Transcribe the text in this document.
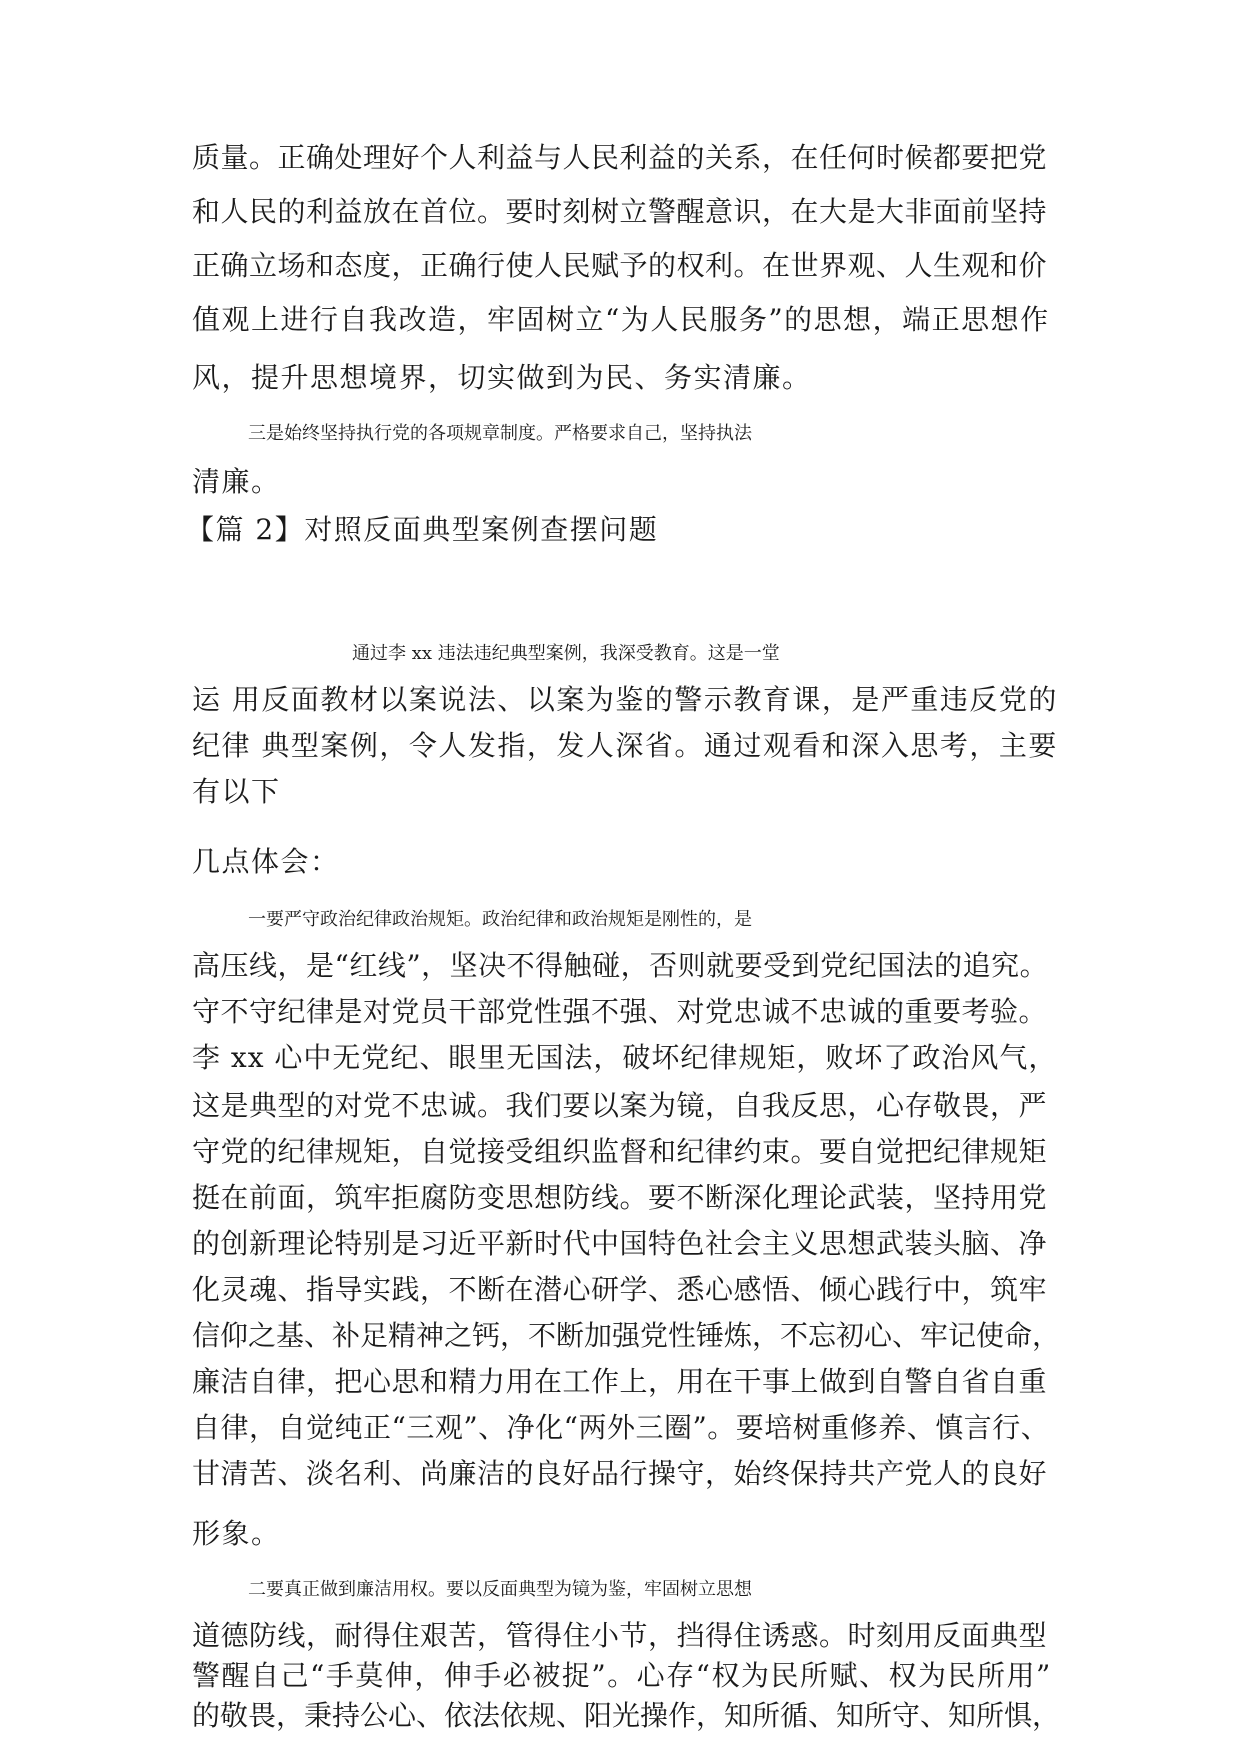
质量。正确处理好个人利益与人民利益的关系，在任何时候都要把党
和人民的利益放在首位。要时刻树立警醒意识，在大是大非面前坚持
正确立场和态度，正确行使人民赋予的权利。在世界观、人生观和价
值观上进行自我改造，牢固树立“为人民服务”的思想，端正思想作
风，提升思想境界，切实做到为民、务实清廉。
三是始终坚持执行党的各项规章制度。严格要求自己，坚持执法
清廉。
【篇 2】对照反面典型案例查摆问题
通过李 xx 违法违纪典型案例，我深受教育。这是一堂
运 用反面教材以案说法、以案为鉴的警示教育课，是严重违反党的
纪律 典型案例，令人发指，发人深省。通过观看和深入思考，主要
有以下
几点体会：
一要严守政治纪律政治规矩。政治纪律和政治规矩是刚性的，是
高压线，是“红线”，坚决不得触碰，否则就要受到党纪国法的追究。
守不守纪律是对党员干部党性强不强、对党忠诚不忠诚的重要考验。
李 xx 心中无党纪、眼里无国法，破坏纪律规矩，败坏了政治风气，
这是典型的对党不忠诚。我们要以案为镜，自我反思，心存敬畏，严
守党的纪律规矩，自觉接受组织监督和纪律约束。要自觉把纪律规矩
挺在前面，筑牢拒腐防变思想防线。要不断深化理论武装，坚持用党
的创新理论特别是习近平新时代中国特色社会主义思想武装头脑、净
化灵魂、指导实践，不断在潜心研学、悉心感悟、倾心践行中，筑牢
信仰之基、补足精神之钙，不断加强党性锤炼，不忘初心、牢记使命，
廉洁自律，把心思和精力用在工作上，用在干事上做到自警自省自重
自律，自觉纯正“三观”、净化“两外三圈”。要培树重修养、慎言行、
甘清苦、淡名利、尚廉洁的良好品行操守，始终保持共产党人的良好
形象。
二要真正做到廉洁用权。要以反面典型为镜为鉴，牢固树立思想
道德防线，耐得住艰苦，管得住小节，挡得住诱惑。时刻用反面典型
警醒自己“手莫伸，伸手必被捉”。心存“权为民所赋、权为民所用”
的敬畏，秉持公心、依法依规、阳光操作，知所循、知所守、知所惧，
